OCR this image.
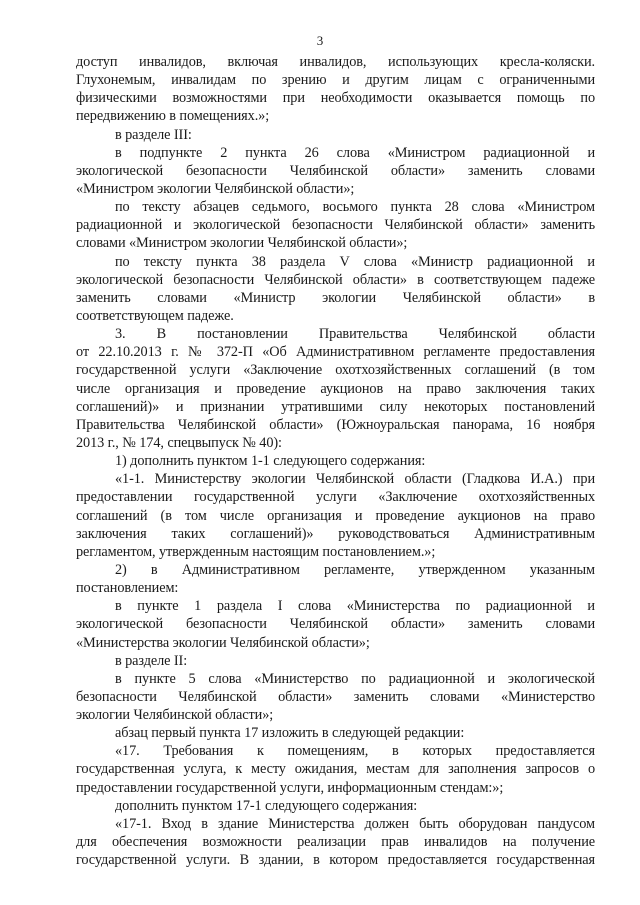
3
доступ инвалидов, включая инвалидов, использующих кресла-коляски.
Глухонемым, инвалидам по зрению и другим лицам с ограниченными
физическими возможностями при необходимости оказывается помощь по
передвижению в помещениях.»;
в разделе III:
в подпункте 2 пункта 26 слова «Министром радиационной и
экологической безопасности Челябинской области» заменить словами
«Министром экологии Челябинской области»;
по тексту абзацев седьмого, восьмого пункта 28 слова «Министром
радиационной и экологической безопасности Челябинской области» заменить
словами «Министром экологии Челябинской области»;
по тексту пункта 38 раздела V слова «Министр радиационной и
экологической безопасности Челябинской области» в соответствующем падеже
заменить словами «Министр экологии Челябинской области» в
соответствующем падеже.
3. В постановлении Правительства Челябинской области
от 22.10.2013 г. № 372-П «Об Административном регламенте предоставления
государственной услуги «Заключение охотхозяйственных соглашений (в том
числе организация и проведение аукционов на право заключения таких
соглашений)» и признании утратившими силу некоторых постановлений
Правительства Челябинской области» (Южноуральская панорама, 16 ноября
2013 г., № 174, спецвыпуск № 40):
1) дополнить пунктом 1-1 следующего содержания:
«1-1. Министерству экологии Челябинской области (Гладкова И.А.) при
предоставлении государственной услуги «Заключение охотхозяйственных
соглашений (в том числе организация и проведение аукционов на право
заключения таких соглашений)» руководствоваться Административным
регламентом, утвержденным настоящим постановлением.»;
2) в Административном регламенте, утвержденном указанным
постановлением:
в пункте 1 раздела I слова «Министерства по радиационной и
экологической безопасности Челябинской области» заменить словами
«Министерства экологии Челябинской области»;
в разделе II:
в пункте 5 слова «Министерство по радиационной и экологической
безопасности Челябинской области» заменить словами «Министерство
экологии Челябинской области»;
абзац первый пункта 17 изложить в следующей редакции:
«17. Требования к помещениям, в которых предоставляется
государственная услуга, к месту ожидания, местам для заполнения запросов о
предоставлении государственной услуги, информационным стендам:»;
дополнить пунктом 17-1 следующего содержания:
«17-1. Вход в здание Министерства должен быть оборудован пандусом
для обеспечения возможности реализации прав инвалидов на получение
государственной услуги. В здании, в котором предоставляется государственная
